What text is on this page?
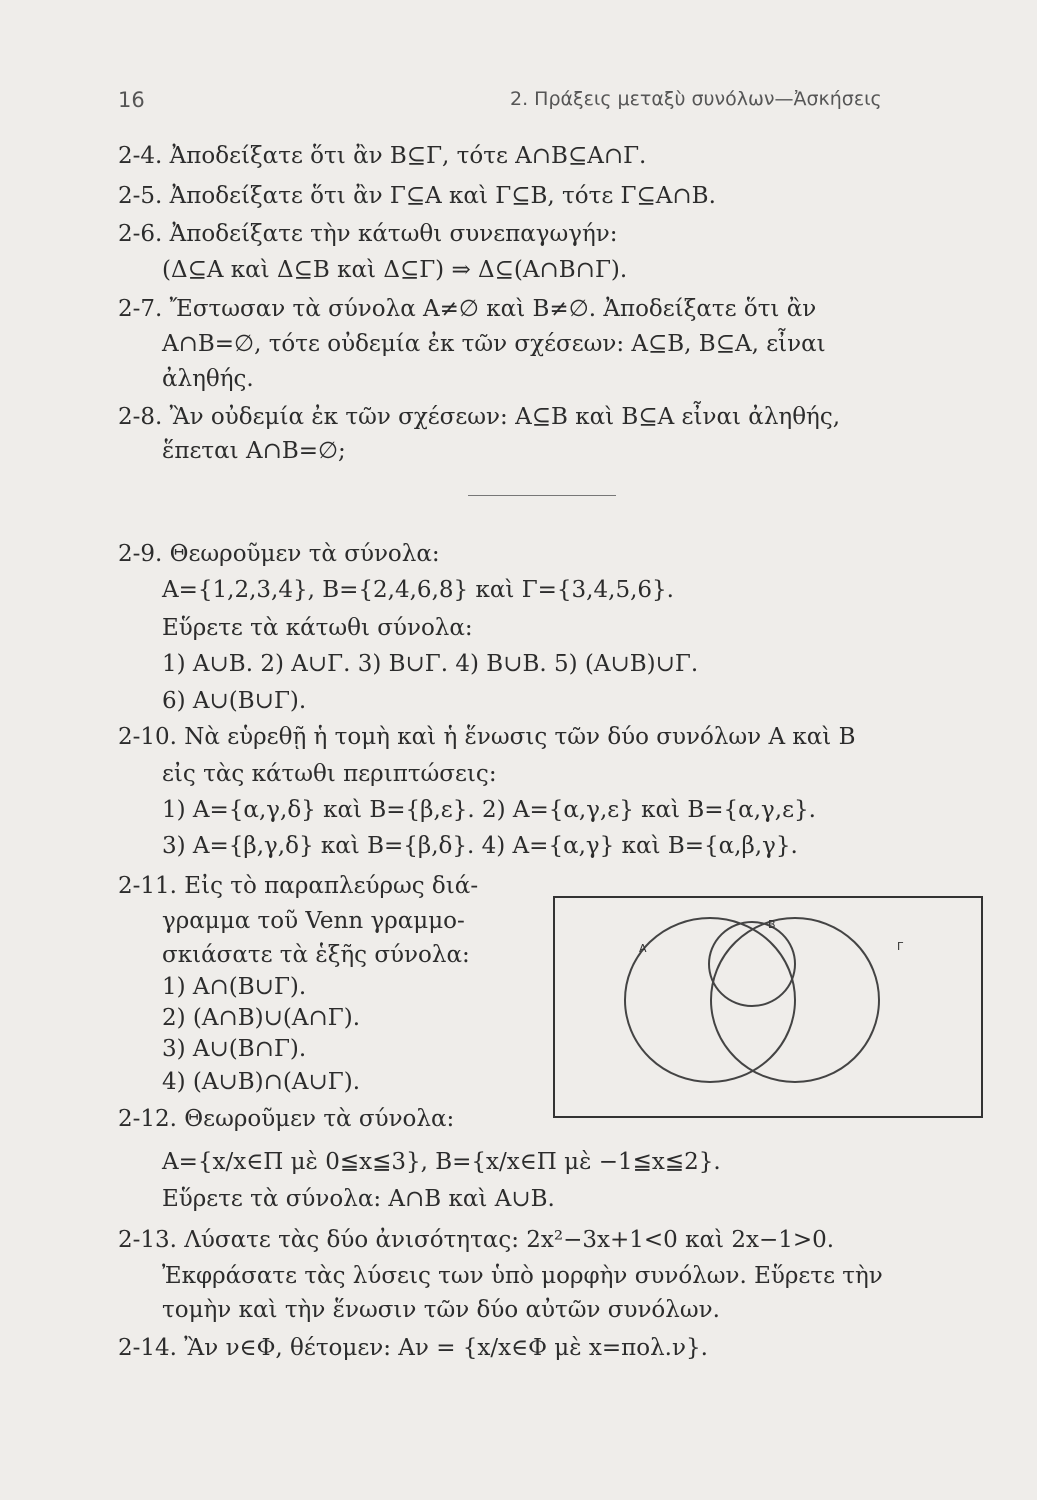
16	2. Πράξεις μεταξὺ συνόλων—Ἀσκήσεις
2-4. Ἀποδείξατε ὅτι ἂν Β⊆Γ, τότε Α∩Β⊆Α∩Γ.
2-5. Ἀποδείξατε ὅτι ἂν Γ⊆Α καὶ Γ⊆Β, τότε Γ⊆Α∩Β.
2-6. Ἀποδείξατε τὴν κάτωθι συνεπαγωγήν:
(Δ⊆Α καὶ Δ⊆Β καὶ Δ⊆Γ) ⇒ Δ⊆(Α∩Β∩Γ).
2-7. Ἔστωσαν τὰ σύνολα Α≠∅ καὶ Β≠∅. Ἀποδείξατε ὅτι ἂν
Α∩Β=∅, τότε οὐδεμία ἐκ τῶν σχέσεων: Α⊆Β, Β⊆Α, εἶναι
ἀληθής.
2-8. Ἂν οὐδεμία ἐκ τῶν σχέσεων: Α⊆Β καὶ Β⊆Α εἶναι ἀληθής,
ἕπεται Α∩Β=∅;
2-9. Θεωροῦμεν τὰ σύνολα:
Α={1,2,3,4}, Β={2,4,6,8} καὶ Γ={3,4,5,6}.
Εὕρετε τὰ κάτωθι σύνολα:
1) Α∪Β. 2) Α∪Γ. 3) Β∪Γ. 4) Β∪Β. 5) (Α∪Β)∪Γ.
6) Α∪(Β∪Γ).
2-10. Νὰ εὑρεθῇ ἡ τομὴ καὶ ἡ ἕνωσις τῶν δύο συνόλων Α καὶ Β
εἰς τὰς κάτωθι περιπτώσεις:
1) Α={α,γ,δ} καὶ Β={β,ε}. 2) Α={α,γ,ε} καὶ Β={α,γ,ε}.
3) Α={β,γ,δ} καὶ Β={β,δ}. 4) Α={α,γ} καὶ Β={α,β,γ}.
2-11. Εἰς τὸ παραπλεύρως διά-
γραμμα τοῦ Venn γραμμο-
σκιάσατε τὰ ἑξῆς σύνολα:
1) Α∩(Β∪Γ).
2) (Α∩Β)∪(Α∩Γ).
3) Α∪(Β∩Γ).
4) (Α∪Β)∩(Α∪Γ).
2-12. Θεωροῦμεν τὰ σύνολα:
Α={x/x∈Π μὲ 0≦x≦3}, Β={x/x∈Π μὲ −1≦x≦2}.
Εὕρετε τὰ σύνολα: Α∩Β καὶ Α∪Β.
2-13. Λύσατε τὰς δύο ἀνισότητας: 2x²−3x+1<0 καὶ 2x−1>0.
Ἐκφράσατε τὰς λύσεις των ὑπὸ μορφὴν συνόλων. Εὕρετε τὴν
τομὴν καὶ τὴν ἕνωσιν τῶν δύο αὐτῶν συνόλων.
2-14. Ἂν ν∈Φ, θέτομεν: Αν = {x/x∈Φ μὲ x=πολ.ν}.
Α
Β
Γ
